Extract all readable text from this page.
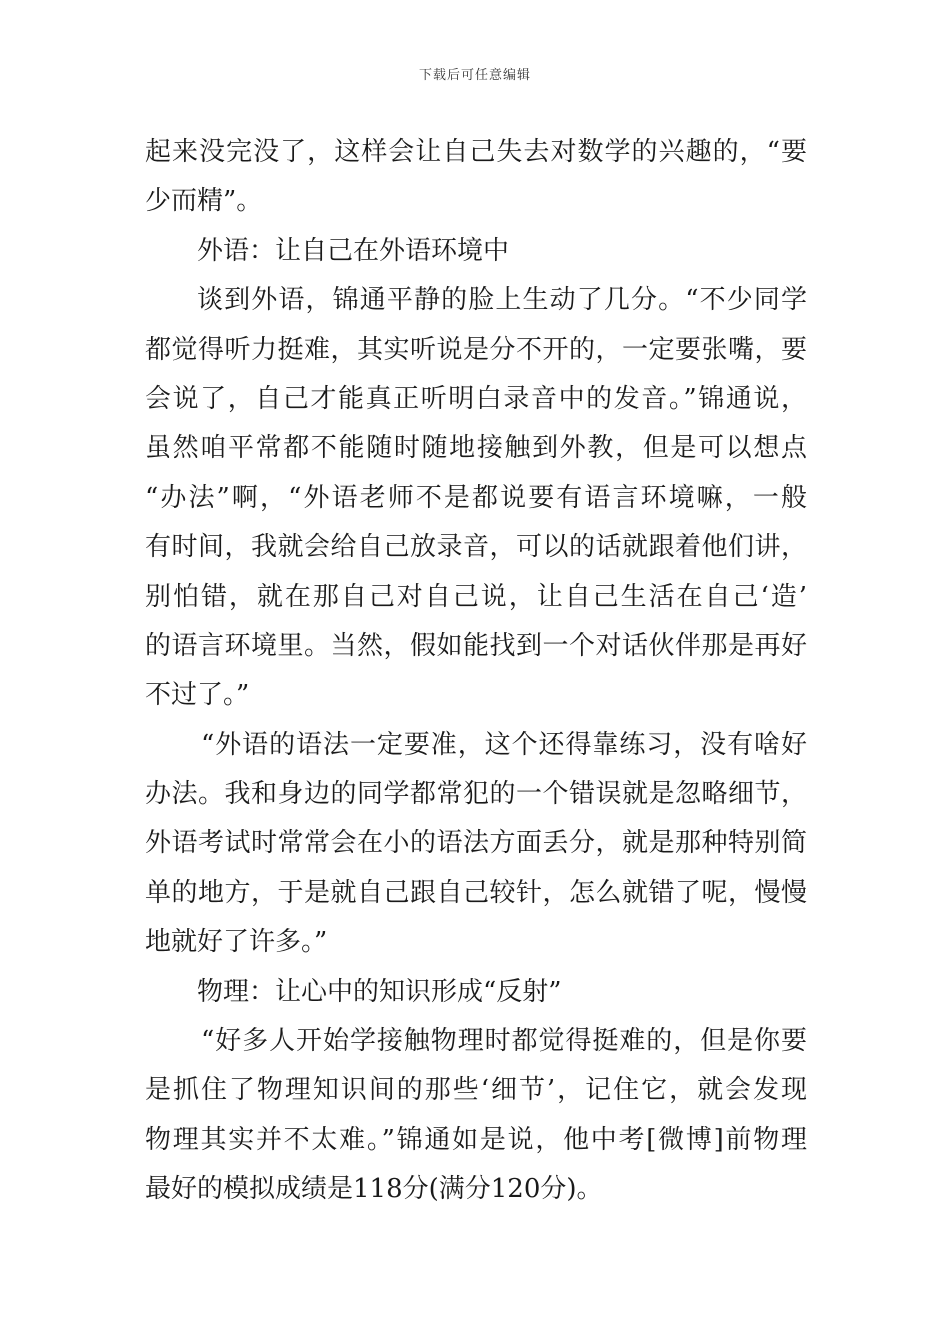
下载后可任意编辑
起来没完没了，这样会让自己失去对数学的兴趣的，“要
少而精”。
外语：让自己在外语环境中
谈到外语，锦通平静的脸上生动了几分。“不少同学
都觉得听力挺难，其实听说是分不开的，一定要张嘴，要
会说了，自己才能真正听明白录音中的发音。”锦通说，
虽然咱平常都不能随时随地接触到外教，但是可以想点
“办法”啊，“外语老师不是都说要有语言环境嘛，一般
有时间，我就会给自己放录音，可以的话就跟着他们讲，
别怕错，就在那自己对自己说，让自己生活在自己‘造’
的语言环境里。当然，假如能找到一个对话伙伴那是再好
不过了。”
“外语的语法一定要准，这个还得靠练习，没有啥好
办法。我和身边的同学都常犯的一个错误就是忽略细节，
外语考试时常常会在小的语法方面丢分，就是那种特别简
单的地方，于是就自己跟自己较针，怎么就错了呢，慢慢
地就好了许多。”
物理：让心中的知识形成“反射”
“好多人开始学接触物理时都觉得挺难的，但是你要
是抓住了物理知识间的那些‘细节’，记住它，就会发现
物理其实并不太难。”锦通如是说，他中考[微博]前物理
最好的模拟成绩是118分(满分120分)。
